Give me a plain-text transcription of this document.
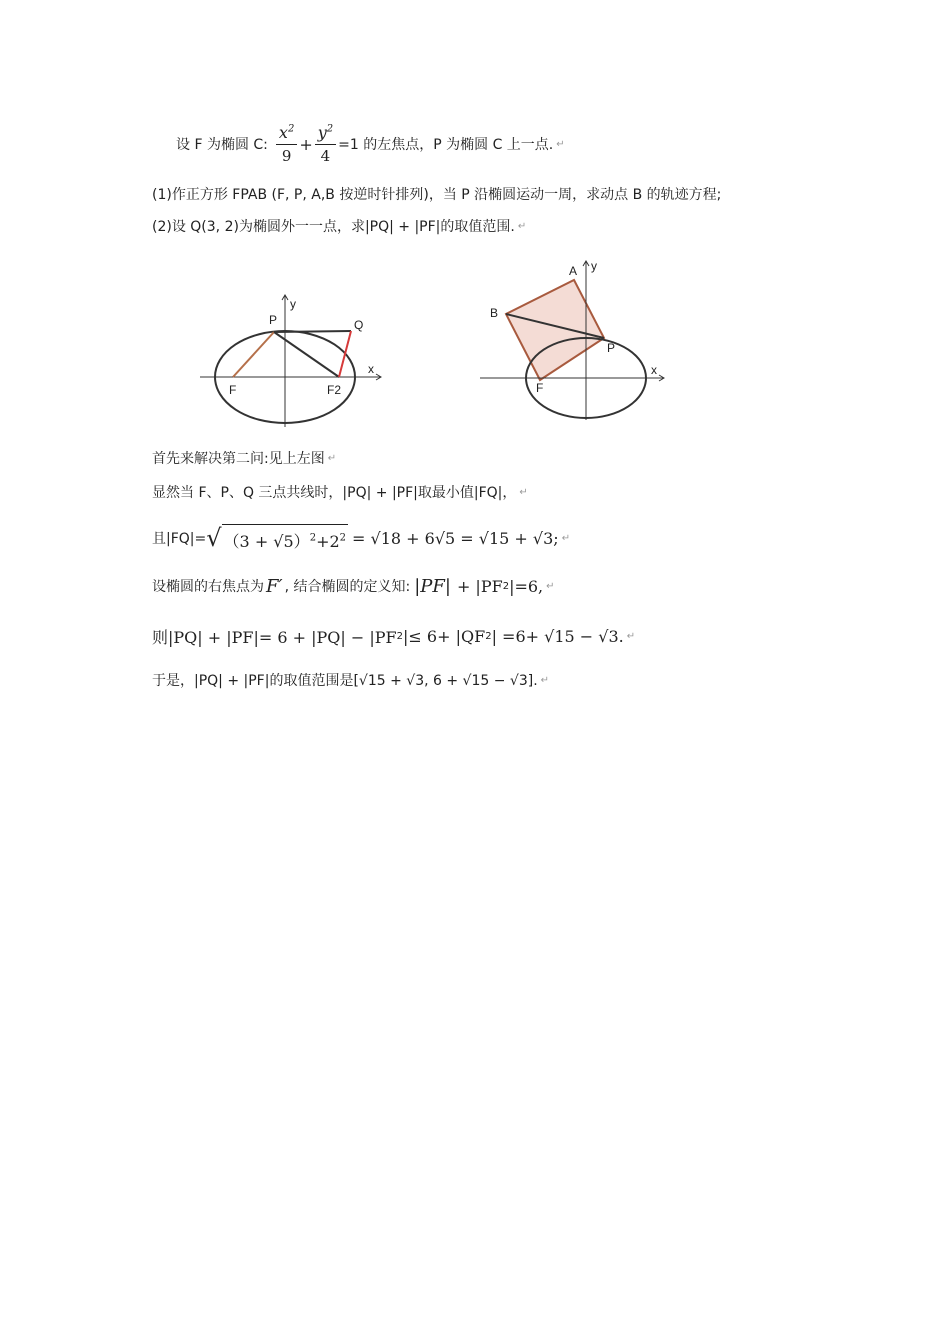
设 F 为椭圆 C: $\frac{x^2}{9} + \frac{y^2}{4} =1$ 的左焦点，P 为椭圆 C 上一点. ↵
(1)作正方形 FPAB (F, P, A,B 按逆时针排列)，当 P 沿椭圆运动一周，求动点 B 的轨迹方程;
(2)设 Q(3, 2)为椭圆外一一点，求|PQ| + |PF|的取值范围. ↵
P
y
Q
x
F	F2
A y
B
P
x
F
首先来解决第二问:见上左图 ↵
显然当 F、P、Q 三点共线时，|PQ| + |PF|取最小值|FQ|， ↵
且|FQ|= √ $(3 + √5)^2+2^2 = √18 + 6√5 = √15 + √3$; ↵
设椭圆的右焦点为 F′ , 结合椭圆的定义知: |PF| + |PF 2 |=6, ↵
则|PQ| + |PF|= 6 + |PQ| − |PF 2 |≤ 6+ |QF 2 | =6+ √15 − √3. ↵
于是，|PQ| + |PF|的取值范围是[√15 + √3, 6 + √15 − √3]. ↵
